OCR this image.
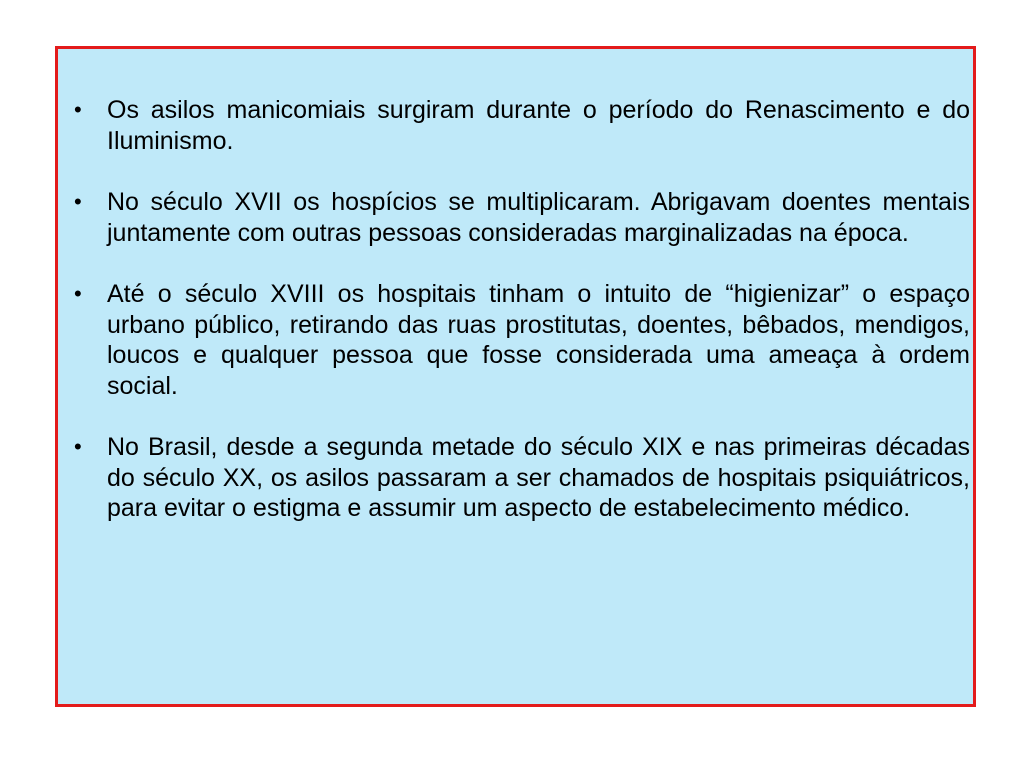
• Os asilos manicomiais surgiram durante o período do Renascimento e do Iluminismo.
• No século XVII os hospícios se multiplicaram. Abrigavam doentes mentais juntamente com outras pessoas consideradas marginalizadas na época.
• Até o século XVIII os hospitais tinham o intuito de “higienizar” o espaço urbano público, retirando das ruas prostitutas, doentes, bêbados, mendigos, loucos e qualquer pessoa que fosse considerada uma ameaça à ordem social.
• No Brasil, desde a segunda metade do século XIX e nas primeiras décadas do século XX, os asilos passaram a ser chamados de hospitais psiquiátricos, para evitar o estigma e assumir um aspecto de estabelecimento médico.
